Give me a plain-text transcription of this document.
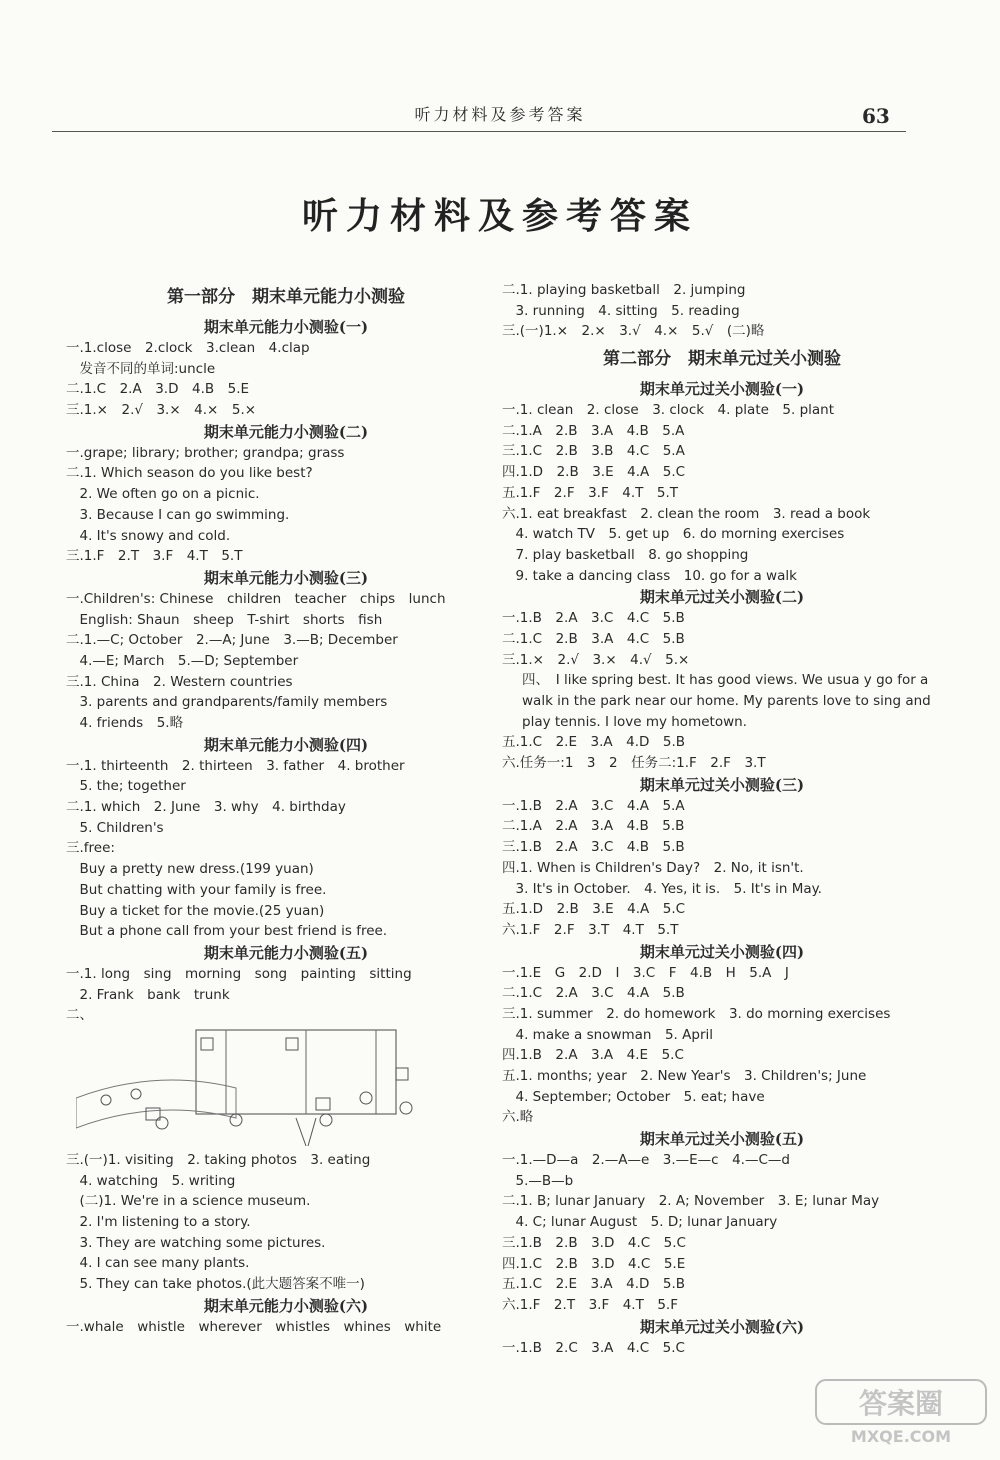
听力材料及参考答案	63
听力材料及参考答案
第一部分　期末单元能力小测验
期末单元能力小测验(一)
一.1.close　2.clock　3.clean　4.clap
　发音不同的单词:uncle
二.1.C　2.A　3.D　4.B　5.E
三.1.×　2.√　3.×　4.×　5.×
期末单元能力小测验(二)
一.grape; library; brother; grandpa; grass
二.1. Which season do you like best?
　2. We often go on a picnic.
　3. Because I can go swimming.
　4. It's snowy and cold.
三.1.F　2.T　3.F　4.T　5.T
期末单元能力小测验(三)
一.Children's: Chinese　children　teacher　chips　lunch
　English: Shaun　sheep　T-shirt　shorts　fish
二.1.—C; October　2.—A; June　3.—B; December
　4.—E; March　5.—D; September
三.1. China　2. Western countries
　3. parents and grandparents/family members
　4. friends　5.略
期末单元能力小测验(四)
一.1. thirteenth　2. thirteen　3. father　4. brother
　5. the; together
二.1. which　2. June　3. why　4. birthday
　5. Children's
三.free:
　Buy a pretty new dress.(199 yuan)
　But chatting with your family is free.
　Buy a ticket for the movie.(25 yuan)
　But a phone call from your best friend is free.
期末单元能力小测验(五)
一.1. long　sing　morning　song　painting　sitting
　2. Frank　bank　trunk
二、
三.(一)1. visiting　2. taking photos　3. eating
　4. watching　5. writing
　(二)1. We're in a science museum.
　2. I'm listening to a story.
　3. They are watching some pictures.
　4. I can see many plants.
　5. They can take photos.(此大题答案不唯一)
期末单元能力小测验(六)
一.whale　whistle　wherever　whistles　whines　white
二.1. playing basketball　2. jumping
　3. running　4. sitting　5. reading
三.(一)1.×　2.×　3.√　4.×　5.√　(二)略
第二部分　期末单元过关小测验
期末单元过关小测验(一)
一.1. clean　2. close　3. clock　4. plate　5. plant
二.1.A　2.B　3.A　4.B　5.A
三.1.C　2.B　3.B　4.C　5.A
四.1.D　2.B　3.E　4.A　5.C
五.1.F　2.F　3.F　4.T　5.T
六.1. eat breakfast　2. clean the room　3. read a book
　4. watch TV　5. get up　6. do morning exercises
　7. play basketball　8. go shopping
　9. take a dancing class　10. go for a walk
期末单元过关小测验(二)
一.1.B　2.A　3.C　4.C　5.B
二.1.C　2.B　3.A　4.C　5.B
三.1.×　2.√　3.×　4.√　5.×
四、　I like spring best. It has good views. We usua y go for a walk in the park near our home. My parents love to sing and play tennis. I love my hometown.
五.1.C　2.E　3.A　4.D　5.B
六.任务一:1　3　2　任务二:1.F　2.F　3.T
期末单元过关小测验(三)
一.1.B　2.A　3.C　4.A　5.A
二.1.A　2.A　3.A　4.B　5.B
三.1.B　2.A　3.C　4.B　5.B
四.1. When is Children's Day?　2. No, it isn't.
　3. It's in October.　4. Yes, it is.　5. It's in May.
五.1.D　2.B　3.E　4.A　5.C
六.1.F　2.F　3.T　4.T　5.T
期末单元过关小测验(四)
一.1.E　G　2.D　I　3.C　F　4.B　H　5.A　J
二.1.C　2.A　3.C　4.A　5.B
三.1. summer　2. do homework　3. do morning exercises
　4. make a snowman　5. April
四.1.B　2.A　3.A　4.E　5.C
五.1. months; year　2. New Year's　3. Children's; June
　4. September; October　5. eat; have
六.略
期末单元过关小测验(五)
一.1.—D—a　2.—A—e　3.—E—c　4.—C—d
　5.—B—b
二.1. B; lunar January　2. A; November　3. E; lunar May
　4. C; lunar August　5. D; lunar January
三.1.B　2.B　3.D　4.C　5.C
四.1.C　2.B　3.D　4.C　5.E
五.1.C　2.E　3.A　4.D　5.B
六.1.F　2.T　3.F　4.T　5.F
期末单元过关小测验(六)
一.1.B　2.C　3.A　4.C　5.C
答案圈
MXQE.COM
